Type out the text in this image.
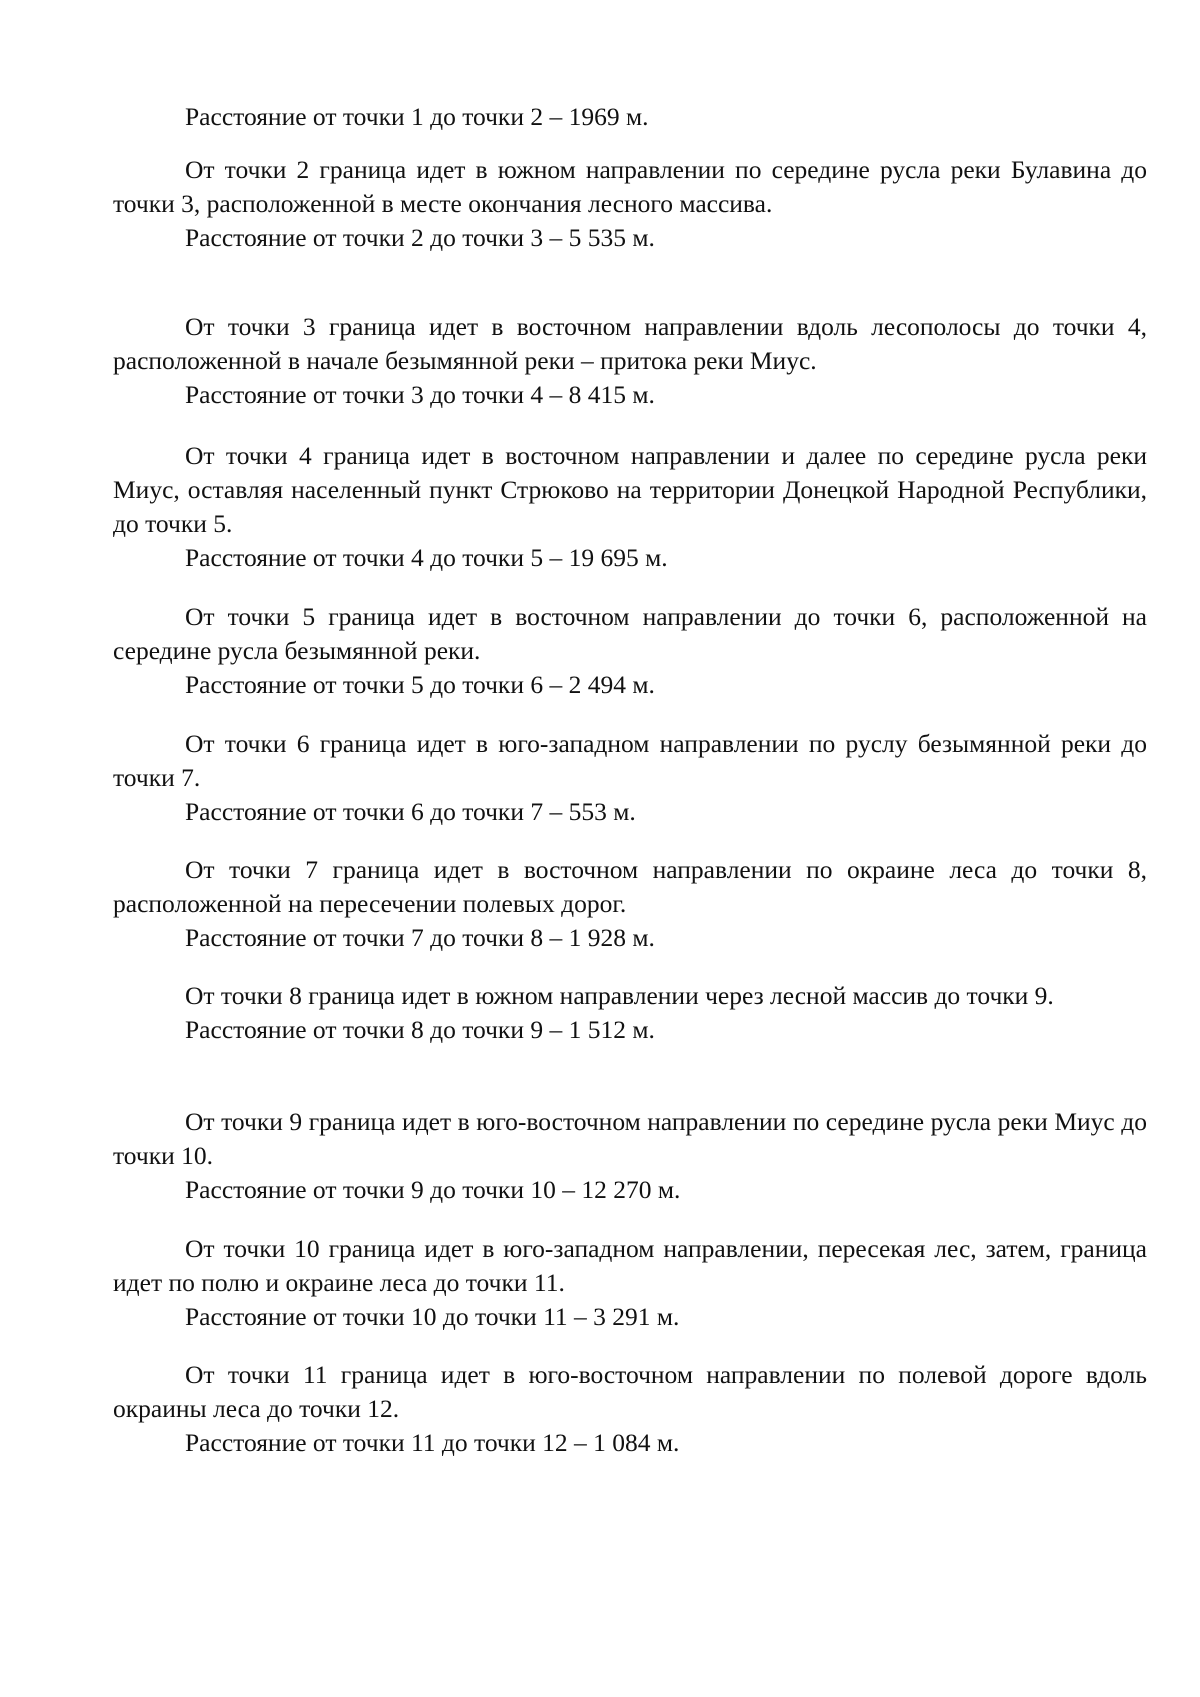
Расстояние от точки 1 до точки 2 – 1969 м.

От точки 2 граница идет в южном направлении по середине русла реки Булавина до точки 3, расположенной в месте окончания лесного массива.

Расстояние от точки 2 до точки 3 – 5 535 м.

От точки 3 граница идет в восточном направлении вдоль лесополосы до точки 4, расположенной в начале безымянной реки – притока реки Миус.

Расстояние от точки 3 до точки 4 – 8 415 м.

От точки 4 граница идет в восточном направлении и далее по середине русла реки Миус, оставляя населенный пункт Стрюково на территории Донецкой Народной Республики, до точки 5.

Расстояние от точки 4 до точки 5 – 19 695 м.

От точки 5 граница идет в восточном направлении до точки 6, расположенной на середине русла безымянной реки.

Расстояние от точки 5 до точки 6 – 2 494 м.

От точки 6 граница идет в юго-западном направлении по руслу безымянной реки до точки 7.

Расстояние от точки 6 до точки 7 – 553 м.

От точки 7 граница идет в восточном направлении по окраине леса до точки 8, расположенной на пересечении полевых дорог.

Расстояние от точки 7 до точки 8 – 1 928 м.

От точки 8 граница идет в южном направлении через лесной массив до точки 9.

Расстояние от точки 8 до точки 9 – 1 512 м.

От точки 9 граница идет в юго-восточном направлении по середине русла реки Миус до точки 10.

Расстояние от точки 9 до точки 10 – 12 270 м.

От точки 10 граница идет в юго-западном направлении, пересекая лес, затем, граница идет по полю и окраине леса до точки 11.

Расстояние от точки 10 до точки 11 – 3 291 м.

От точки 11 граница идет в юго-восточном направлении по полевой дороге вдоль окраины леса до точки 12.

Расстояние от точки 11 до точки 12 – 1 084 м.
